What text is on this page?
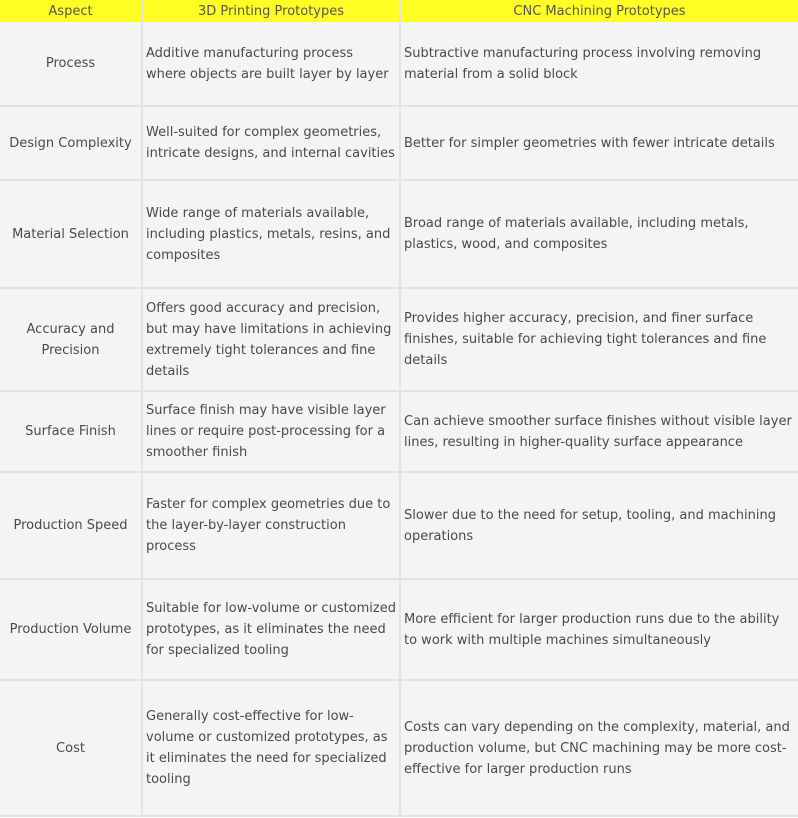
Aspect	3D Printing Prototypes	CNC Machining Prototypes
Process	Additive manufacturing process where objects are built layer by layer	Subtractive manufacturing process involving removing material from a solid block
Design Complexity	Well-suited for complex geometries, intricate designs, and internal cavities	Better for simpler geometries with fewer intricate details
Material Selection	Wide range of materials available, including plastics, metals, resins, and composites	Broad range of materials available, including metals, plastics, wood, and composites
Accuracy and Precision	Offers good accuracy and precision, but may have limitations in achieving extremely tight tolerances and fine details	Provides higher accuracy, precision, and finer surface finishes, suitable for achieving tight tolerances and fine details
Surface Finish	Surface finish may have visible layer lines or require post-processing for a smoother finish	Can achieve smoother surface finishes without visible layer lines, resulting in higher-quality surface appearance
Production Speed	Faster for complex geometries due to the layer-by-layer construction process	Slower due to the need for setup, tooling, and machining operations
Production Volume	Suitable for low-volume or customized prototypes, as it eliminates the need for specialized tooling	More efficient for larger production runs due to the ability to work with multiple machines simultaneously
Cost	Generally cost-effective for low-volume or customized prototypes, as it eliminates the need for specialized tooling	Costs can vary depending on the complexity, material, and production volume, but CNC machining may be more cost-effective for larger production runs
